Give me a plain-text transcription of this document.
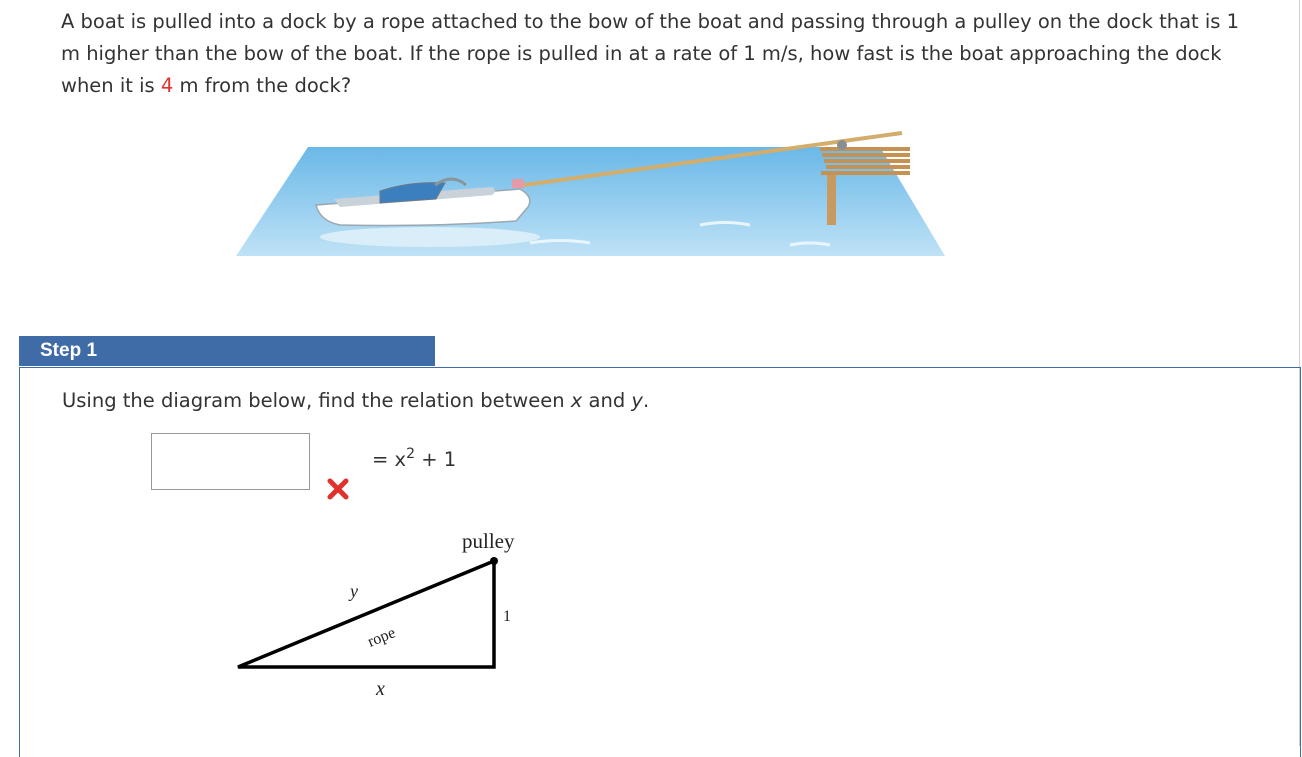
A boat is pulled into a dock by a rope attached to the bow of the boat and passing through a pulley on the dock that is 1 m higher than the bow of the boat. If the rope is pulled in at a rate of 1 m/s, how fast is the boat approaching the dock when it is 4 m from the dock?
Step 1
Using the diagram below, find the relation between x and y.
= $x^2 + 1$
pulley
y
rope
1
x
